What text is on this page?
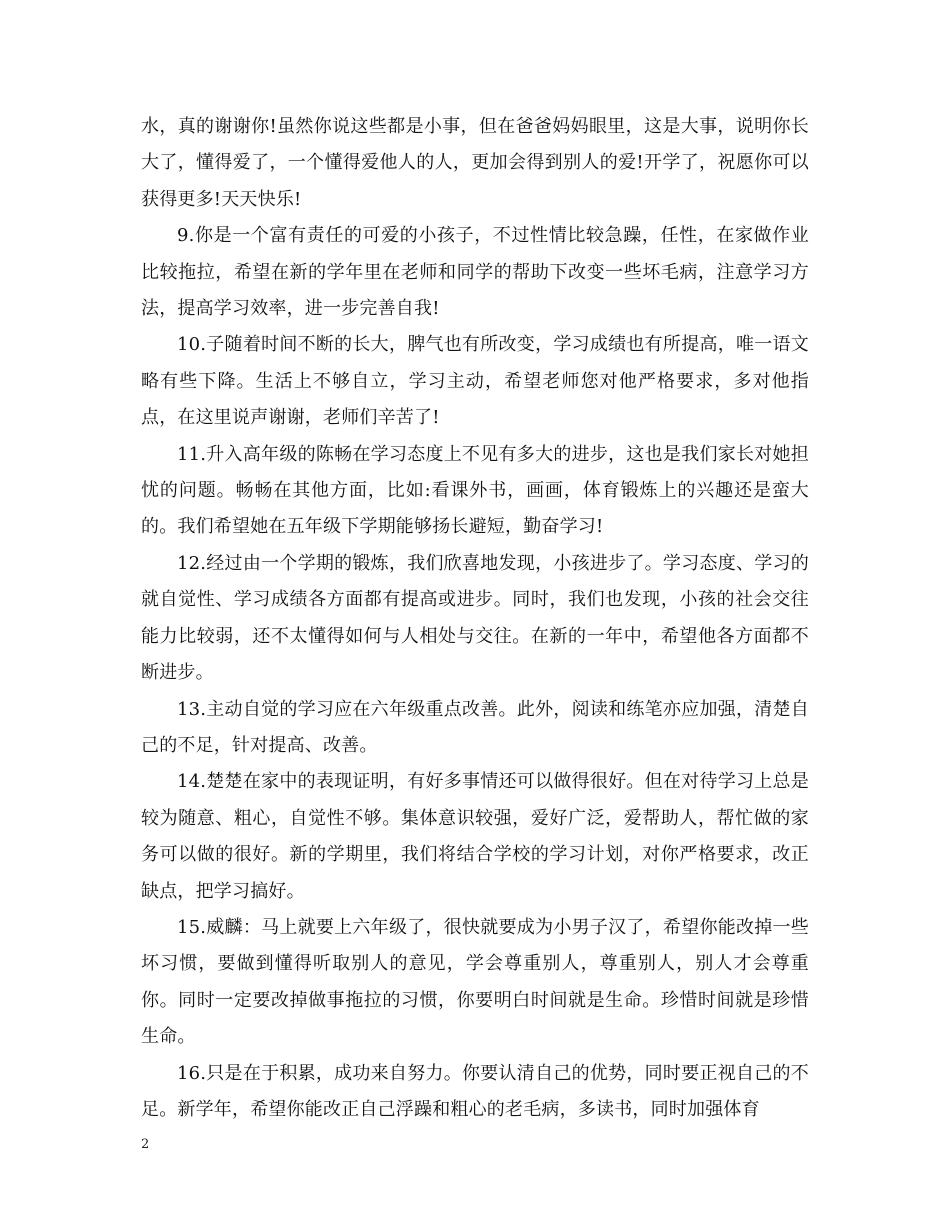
水，真的谢谢你!虽然你说这些都是小事，但在爸爸妈妈眼里，这是大事，说明你长大了，懂得爱了，一个懂得爱他人的人，更加会得到别人的爱!开学了，祝愿你可以获得更多!天天快乐!

9.你是一个富有责任的可爱的小孩子，不过性情比较急躁，任性，在家做作业比较拖拉，希望在新的学年里在老师和同学的帮助下改变一些坏毛病，注意学习方法，提高学习效率，进一步完善自我!

10.子随着时间不断的长大，脾气也有所改变，学习成绩也有所提高，唯一语文略有些下降。生活上不够自立，学习主动，希望老师您对他严格要求，多对他指点，在这里说声谢谢，老师们辛苦了!

11.升入高年级的陈畅在学习态度上不见有多大的进步，这也是我们家长对她担忧的问题。畅畅在其他方面，比如:看课外书，画画，体育锻炼上的兴趣还是蛮大的。我们希望她在五年级下学期能够扬长避短，勤奋学习!

12.经过由一个学期的锻炼，我们欣喜地发现，小孩进步了。学习态度、学习的就自觉性、学习成绩各方面都有提高或进步。同时，我们也发现，小孩的社会交往能力比较弱，还不太懂得如何与人相处与交往。在新的一年中，希望他各方面都不断进步。

13.主动自觉的学习应在六年级重点改善。此外，阅读和练笔亦应加强，清楚自己的不足，针对提高、改善。

14.楚楚在家中的表现证明，有好多事情还可以做得很好。但在对待学习上总是较为随意、粗心，自觉性不够。集体意识较强，爱好广泛，爱帮助人，帮忙做的家务可以做的很好。新的学期里，我们将结合学校的学习计划，对你严格要求，改正缺点，把学习搞好。

15.威麟：马上就要上六年级了，很快就要成为小男子汉了，希望你能改掉一些坏习惯，要做到懂得听取别人的意见，学会尊重别人，尊重别人，别人才会尊重你。同时一定要改掉做事拖拉的习惯，你要明白时间就是生命。珍惜时间就是珍惜生命。

16.只是在于积累，成功来自努力。你要认清自己的优势，同时要正视自己的不足。新学年，希望你能改正自己浮躁和粗心的老毛病，多读书，同时加强体育

2
